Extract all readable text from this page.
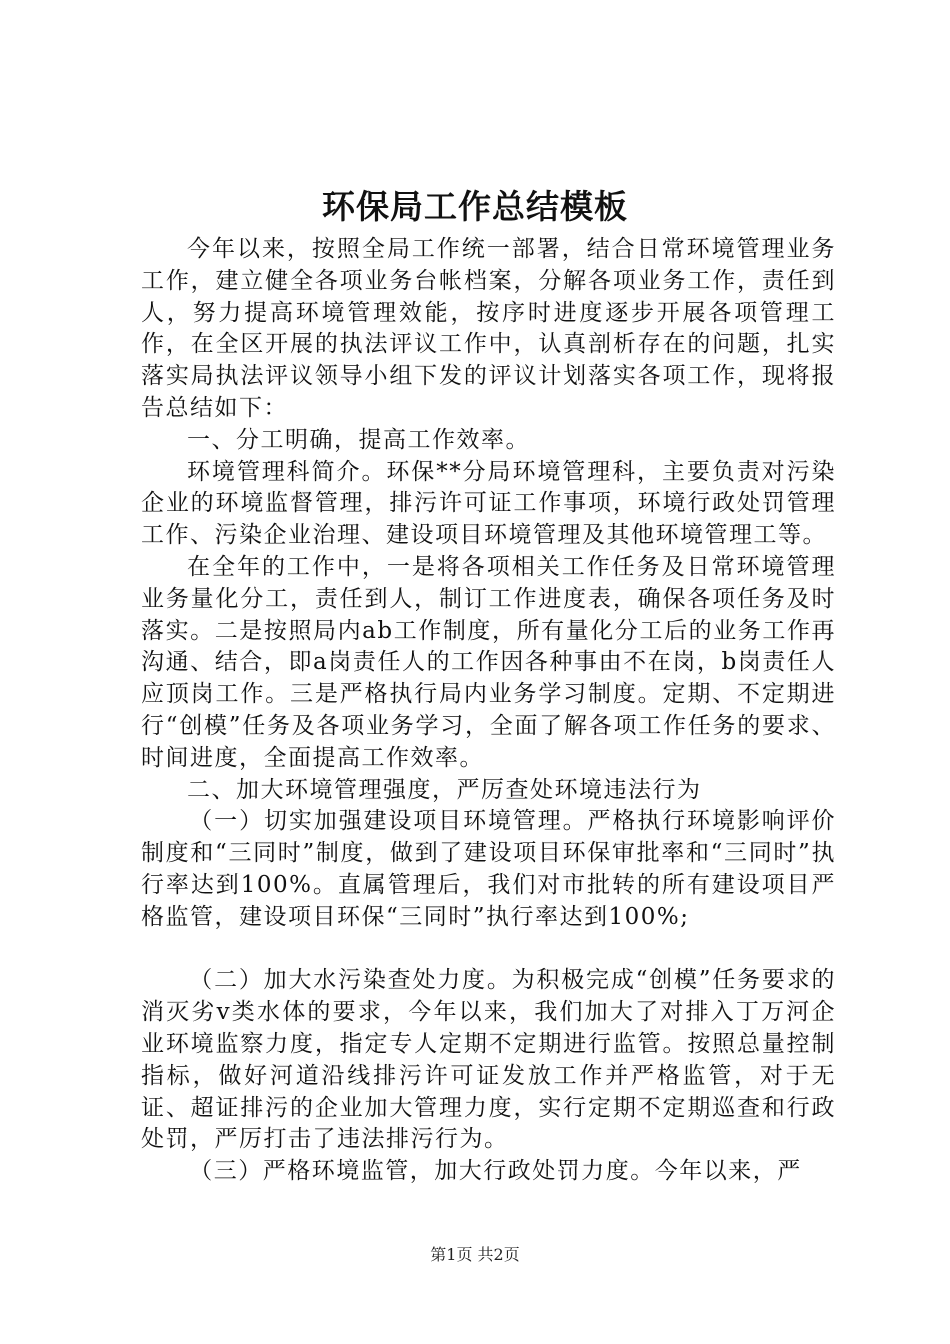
环保局工作总结模板

今年以来，按照全局工作统一部署，结合日常环境管理业务工作，建立健全各项业务台帐档案，分解各项业务工作，责任到人，努力提高环境管理效能，按序时进度逐步开展各项管理工作，在全区开展的执法评议工作中，认真剖析存在的问题，扎实落实局执法评议领导小组下发的评议计划落实各项工作，现将报告总结如下：

一、分工明确，提高工作效率。

环境管理科简介。环保**分局环境管理科，主要负责对污染企业的环境监督管理，排污许可证工作事项，环境行政处罚管理工作、污染企业治理、建设项目环境管理及其他环境管理工等。

在全年的工作中，一是将各项相关工作任务及日常环境管理业务量化分工，责任到人，制订工作进度表，确保各项任务及时落实。二是按照局内ab工作制度，所有量化分工后的业务工作再沟通、结合，即a岗责任人的工作因各种事由不在岗，b岗责任人应顶岗工作。三是严格执行局内业务学习制度。定期、不定期进行“创模”任务及各项业务学习，全面了解各项工作任务的要求、时间进度，全面提高工作效率。

二、加大环境管理强度，严厉查处环境违法行为

（一）切实加强建设项目环境管理。严格执行环境影响评价制度和“三同时”制度，做到了建设项目环保审批率和“三同时”执行率达到100%。直属管理后，我们对市批转的所有建设项目严格监管，建设项目环保“三同时”执行率达到100%;

（二）加大水污染查处力度。为积极完成“创模”任务要求的消灭劣v类水体的要求，今年以来，我们加大了对排入丁万河企业环境监察力度，指定专人定期不定期进行监管。按照总量控制指标，做好河道沿线排污许可证发放工作并严格监管，对于无证、超证排污的企业加大管理力度，实行定期不定期巡查和行政处罚，严厉打击了违法排污行为。

（三）严格环境监管，加大行政处罚力度。今年以来，严

第1页 共2页
